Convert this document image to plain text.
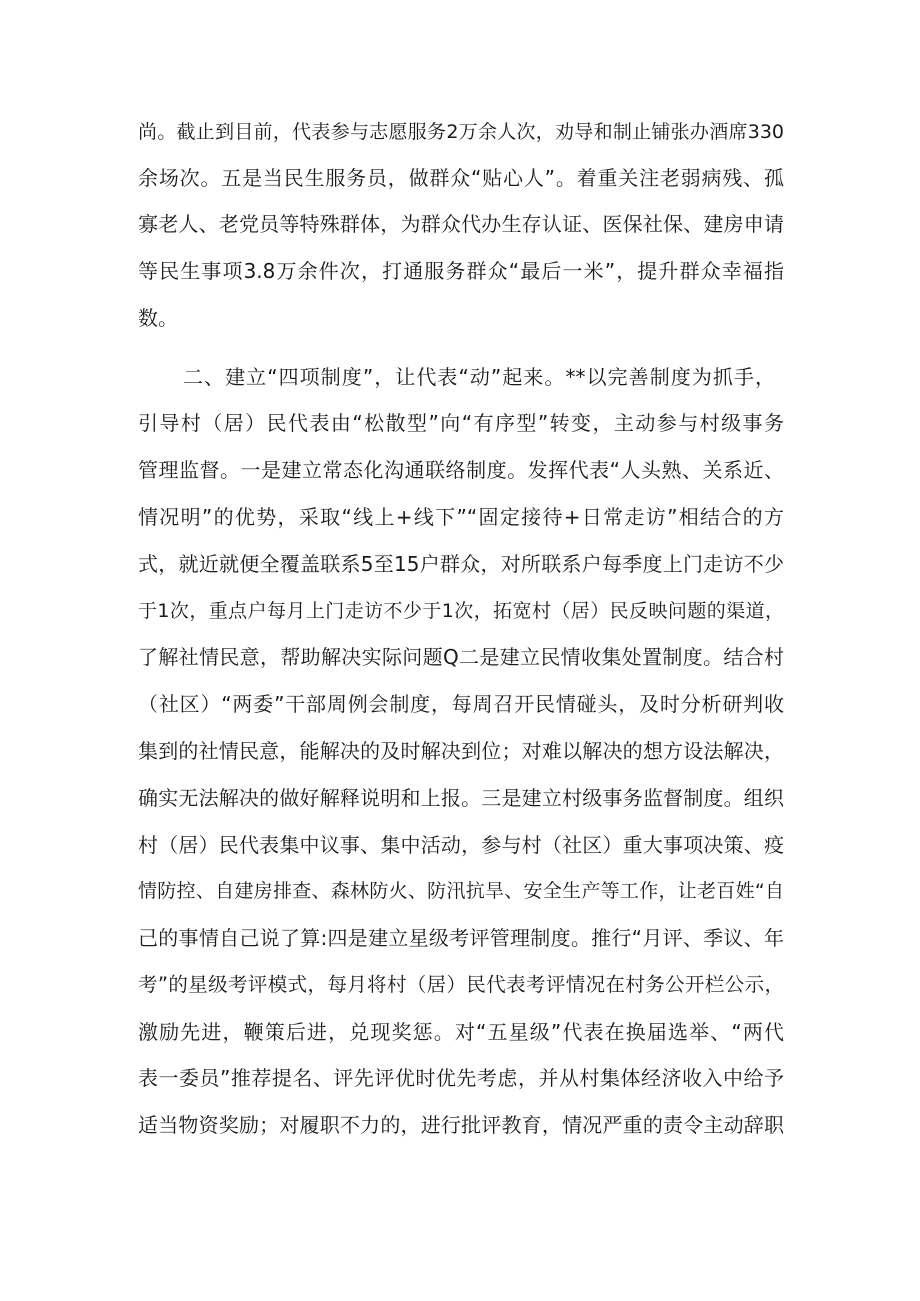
尚。截止到目前，代表参与志愿服务2万余人次，劝导和制止铺张办酒席330
余场次。五是当民生服务员，做群众“贴心人”。着重关注老弱病残、孤
寡老人、老党员等特殊群体，为群众代办生存认证、医保社保、建房申请
等民生事项3.8万余件次，打通服务群众“最后一米”，提升群众幸福指
数。
二、建立“四项制度”，让代表“动”起来。**以完善制度为抓手，
引导村（居）民代表由“松散型”向“有序型”转变，主动参与村级事务
管理监督。一是建立常态化沟通联络制度。发挥代表“人头熟、关系近、
情况明”的优势，采取“线上+线下”“固定接待+日常走访”相结合的方
式，就近就便全覆盖联系5至15户群众，对所联系户每季度上门走访不少
于1次，重点户每月上门走访不少于1次，拓宽村（居）民反映问题的渠道，
了解社情民意，帮助解决实际问题Q二是建立民情收集处置制度。结合村
（社区）“两委”干部周例会制度，每周召开民情碰头，及时分析研判收
集到的社情民意，能解决的及时解决到位；对难以解决的想方设法解决，
确实无法解决的做好解释说明和上报。三是建立村级事务监督制度。组织
村（居）民代表集中议事、集中活动，参与村（社区）重大事项决策、疫
情防控、自建房排查、森林防火、防汛抗旱、安全生产等工作，让老百姓“自
己的事情自己说了算:四是建立星级考评管理制度。推行“月评、季议、年
考”的星级考评模式，每月将村（居）民代表考评情况在村务公开栏公示，
激励先进，鞭策后进，兑现奖惩。对“五星级”代表在换届选举、“两代
表一委员”推荐提名、评先评优时优先考虑，并从村集体经济收入中给予
适当物资奖励；对履职不力的，进行批评教育，情况严重的责令主动辞职
